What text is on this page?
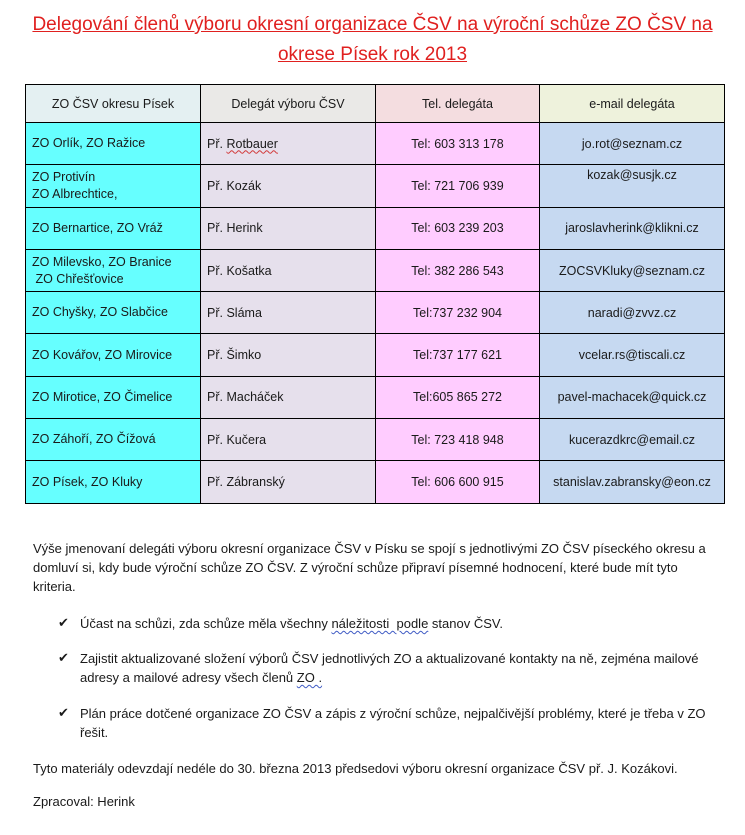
Delegování členů výboru okresní organizace ČSV na výroční schůze ZO ČSV na
okrese Písek rok 2013
ZO ČSV okresu Písek	Delegát výboru ČSV	Tel. delegáta	e-mail delegáta

ZO Orlík, ZO Ražice	Př. Rotbauer	Tel: 603 313 178	jo.rot@seznam.cz

ZO Protivín
ZO Albrechtice,	Př. Kozák	Tel: 721 706 939	kozak@susjk.cz

ZO Bernartice, ZO Vráž	Př. Herink	Tel: 603 239 203	jaroslavherink@klikni.cz

ZO Milevsko, ZO Branice
ZO Chřešťovice	Př. Košatka	Tel: 382 286 543	ZOCSVKluky@seznam.cz

ZO Chyšky, ZO Slabčice	Př. Sláma	Tel:737 232 904	naradi@zvvz.cz

ZO Kovářov, ZO Mirovice	Př. Šimko	Tel:737 177 621	vcelar.rs@tiscali.cz

ZO Mirotice, ZO Čimelice	Př. Macháček	Tel:605 865 272	pavel-machacek@quick.cz

ZO Záhoří, ZO Čížová	Př. Kučera	Tel: 723 418 948	kucerazdkrc@email.cz

ZO Písek, ZO Kluky	Př. Zábranský	Tel: 606 600 915	stanislav.zabransky@eon.cz
Výše jmenovaní delegáti výboru okresní organizace ČSV v Písku se spojí s jednotlivými ZO ČSV píseckého okresu a
domluví si, kdy bude výroční schůze ZO ČSV. Z výroční schůze připraví písemné hodnocení, které bude mít tyto
kriteria.
✔ Účast na schůzi, zda schůze měla všechny náležitosti  podle stanov ČSV.
✔ Zajistit aktualizované složení výborů ČSV jednotlivých ZO a aktualizované kontakty na ně, zejména mailové
adresy a mailové adresy všech členů ZO .
✔ Plán práce dotčené organizace ZO ČSV a zápis z výroční schůze, nejpalčivější problémy, které je třeba v ZO
řešit.
Tyto materiály odevzdají nedéle do 30. března 2013 předsedovi výboru okresní organizace ČSV př. J. Kozákovi.
Zpracoval: Herink
